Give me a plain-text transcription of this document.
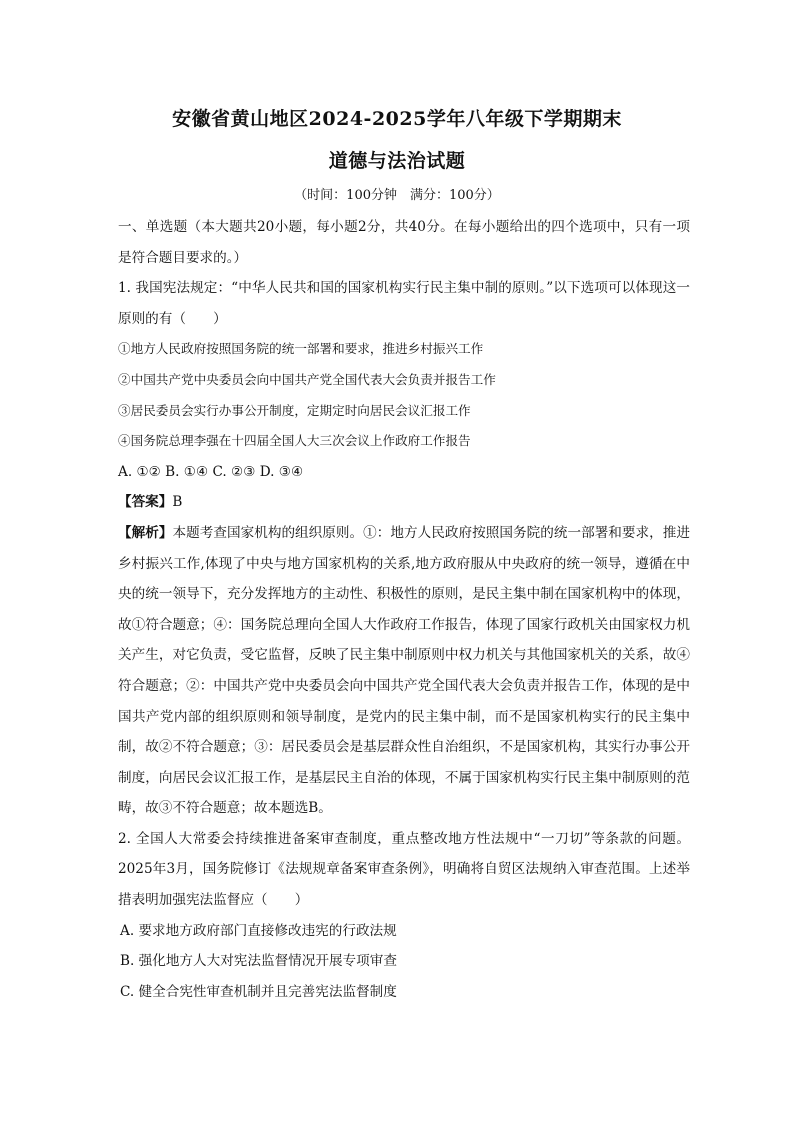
安徽省黄山地区2024-2025学年八年级下学期期末
道德与法治试题
（时间：100分钟　满分：100分）

一、单选题（本大题共20小题，每小题2分，共40分。在每小题给出的四个选项中，只有一项是符合题目要求的。）

1. 我国宪法规定：“中华人民共和国的国家机构实行民主集中制的原则。”以下选项可以体现这一原则的有（　　）

①地方人民政府按照国务院的统一部署和要求，推进乡村振兴工作

②中国共产党中央委员会向中国共产党全国代表大会负责并报告工作

③居民委员会实行办事公开制度，定期定时向居民会议汇报工作

④国务院总理李强在十四届全国人大三次会议上作政府工作报告

A. ①② B. ①④ C. ②③ D. ③④

【答案】B

【解析】本题考查国家机构的组织原则。①：地方人民政府按照国务院的统一部署和要求，推进乡村振兴工作,体现了中央与地方国家机构的关系,地方政府服从中央政府的统一领导，遵循在中央的统一领导下，充分发挥地方的主动性、积极性的原则，是民主集中制在国家机构中的体现，故①符合题意；④：国务院总理向全国人大作政府工作报告，体现了国家行政机关由国家权力机关产生，对它负责，受它监督，反映了民主集中制原则中权力机关与其他国家机关的关系，故④符合题意；②：中国共产党中央委员会向中国共产党全国代表大会负责并报告工作，体现的是中国共产党内部的组织原则和领导制度，是党内的民主集中制，而不是国家机构实行的民主集中制，故②不符合题意；③：居民委员会是基层群众性自治组织，不是国家机构，其实行办事公开制度，向居民会议汇报工作，是基层民主自治的体现，不属于国家机构实行民主集中制原则的范畴，故③不符合题意；故本题选B。

2. 全国人大常委会持续推进备案审查制度，重点整改地方性法规中“一刀切”等条款的问题。2025年3月，国务院修订《法规规章备案审查条例》，明确将自贸区法规纳入审查范围。上述举措表明加强宪法监督应（　　）

A. 要求地方政府部门直接修改违宪的行政法规

B. 强化地方人大对宪法监督情况开展专项审查

C. 健全合宪性审查机制并且完善宪法监督制度
